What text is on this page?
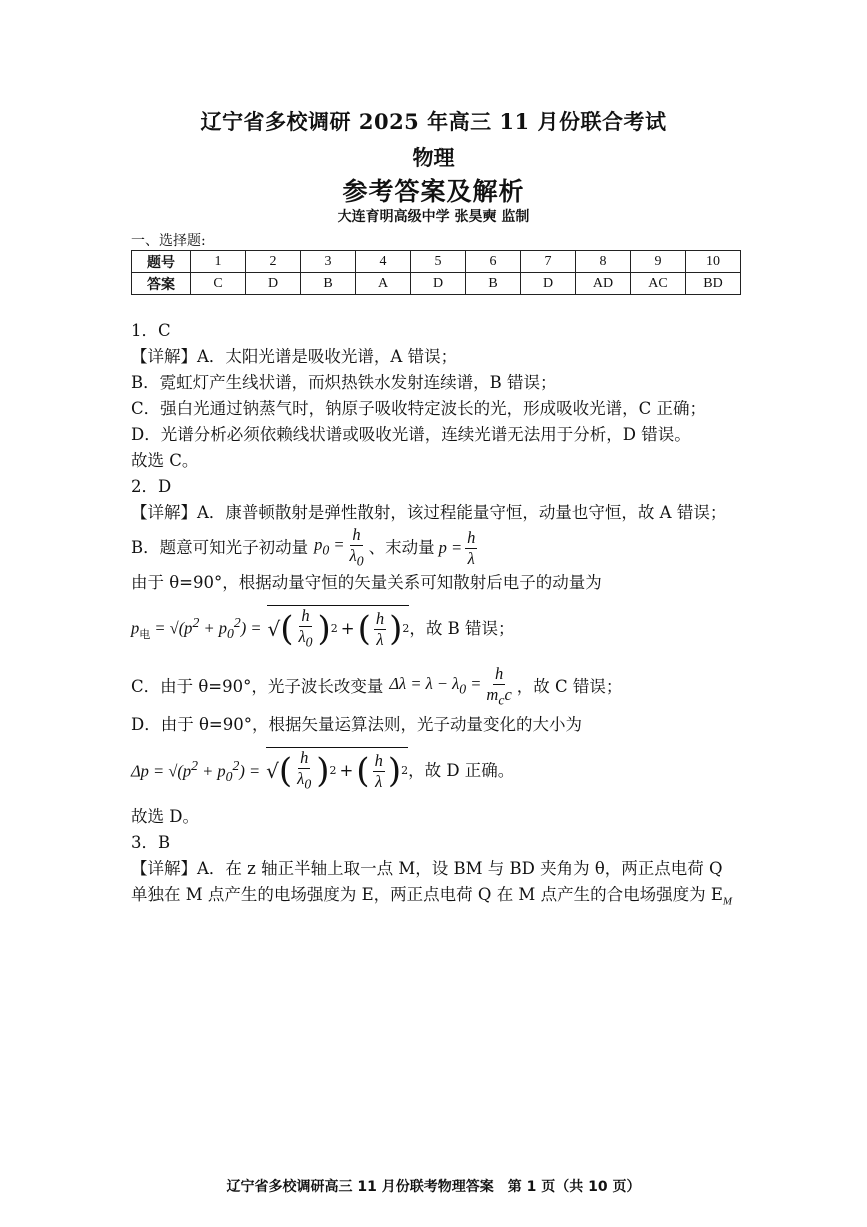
辽宁省多校调研 2025 年高三 11 月份联合考试
物理
参考答案及解析
大连育明高级中学 张昊奭 监制
一、选择题:
题号	1	2	3	4	5	6	7	8	9	10
答案	C	D	B	A	D	B	D	AD	AC	BD

1．C

【详解】A．太阳光谱是吸收光谱，A 错误；

B．霓虹灯产生线状谱，而炽热铁水发射连续谱，B 错误；

C．强白光通过钠蒸气时，钠原子吸收特定波长的光，形成吸收光谱，C 正确；

D．光谱分析必须依赖线状谱或吸收光谱，连续光谱无法用于分析，D 错误。

故选 C。

2．D

【详解】A．康普顿散射是弹性散射，该过程能量守恒，动量也守恒，故 A 错误；

B．题意可知光子初动量 $p_0 = \frac{h}{\lambda_0}$ 、末动量 $p = \frac{h}{\lambda}$

由于 θ=90°，根据动量守恒的矢量关系可知散射后电子的动量为

$p_电 = √(p^2 + p_0^2)$ = √ ( $\frac{h}{\lambda_0}$ ) 2 + ( $\frac{h}{\lambda}$ ) 2 ，故 B 错误；
C．由于 θ=90°，光子波长改变量 $\Delta\lambda = \lambda - \lambda_0 = \frac{h}{m_cc}$ ，故 C 错误；

D．由于 θ=90°，根据矢量运算法则，光子动量变化的大小为

$\Delta p = √(p^2 + p_0^2)$ = √ ( $\frac{h}{\lambda_0}$ ) 2 + ( $\frac{h}{\lambda}$ ) 2 ，故 D 正确。

故选 D。

3．B

【详解】A．在 z 轴正半轴上取一点 M，设 BM 与 BD 夹角为 θ，两正点电荷 Q 单独在 M 点产生的电场强度为 E，两正点电荷 Q 在 M 点产生的合电场强度为 $E_M$

辽宁省多校调研高三 11 月份联考物理答案　第 1 页（共 10 页）
